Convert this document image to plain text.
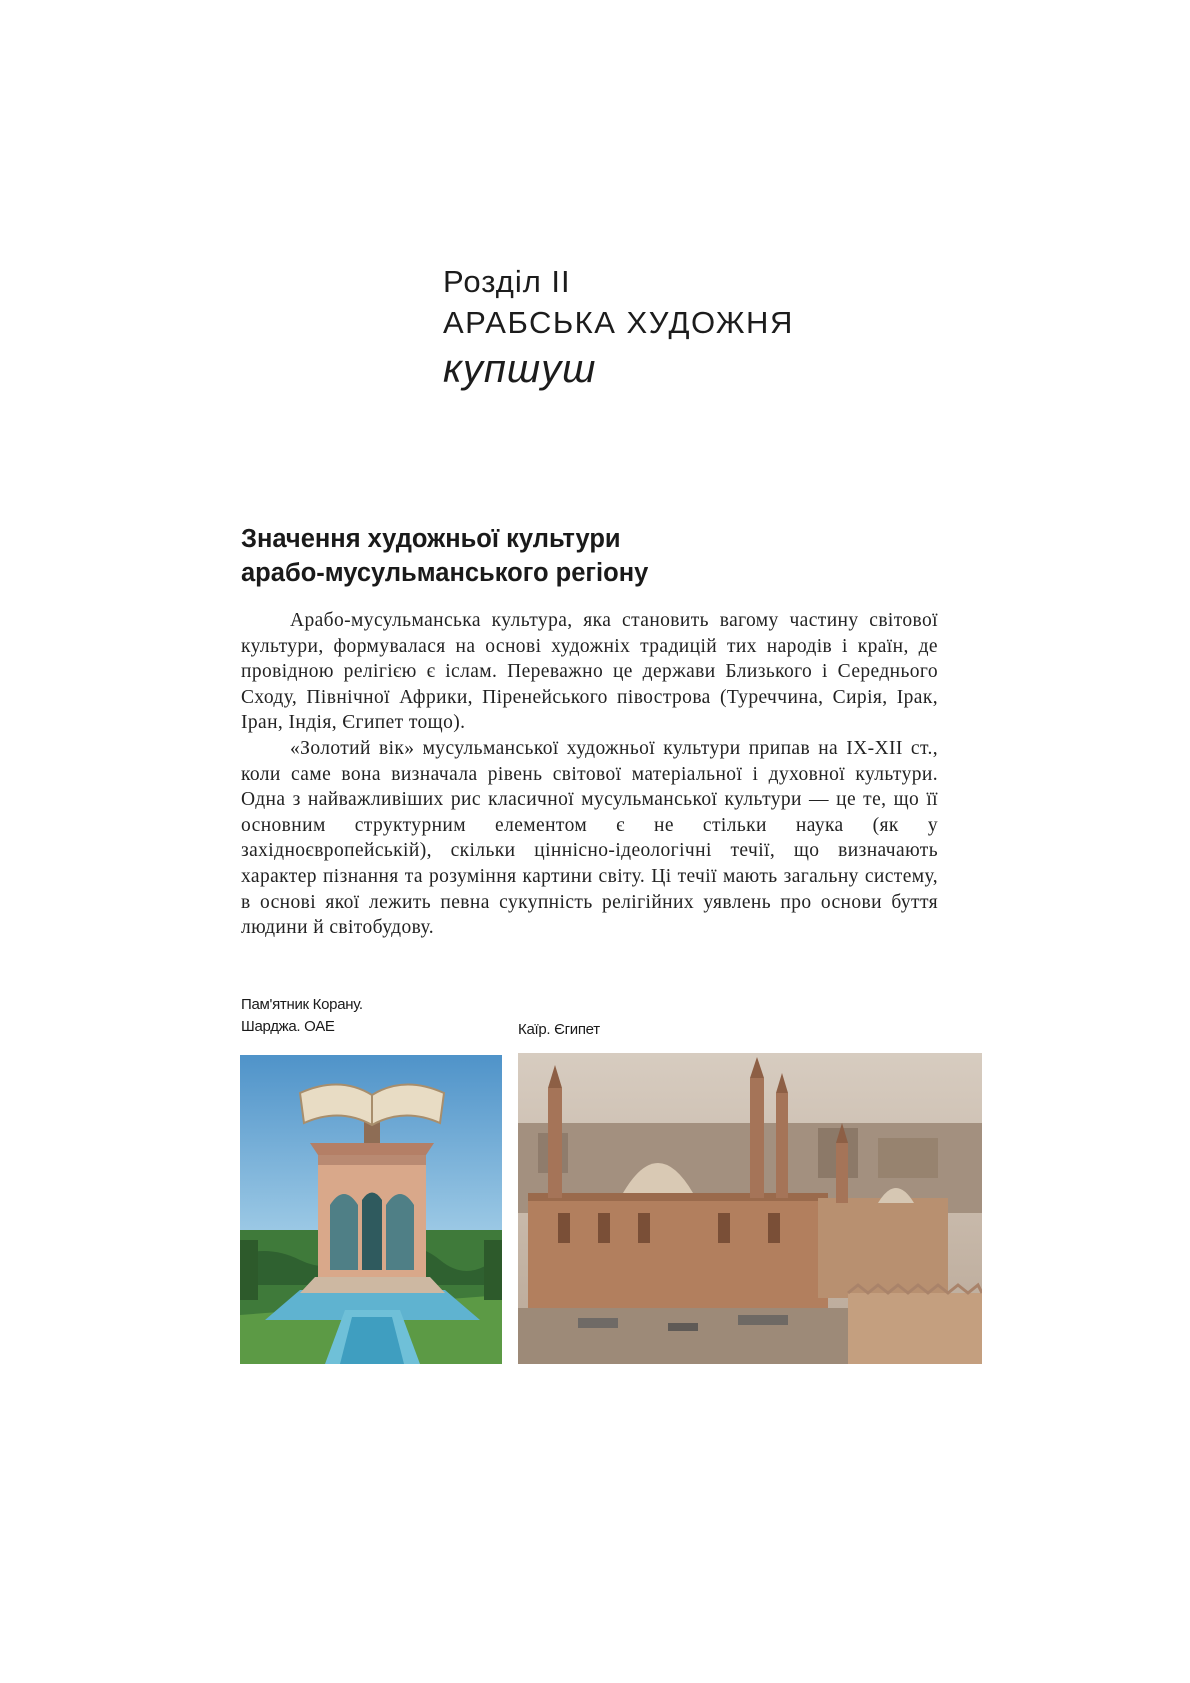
Розділ II
АРАБСЬКА ХУДОЖНЯ
купшуш
Значення художньої культури
арабо-мусульманського регіону

Арабо-мусульманська культура, яка становить вагому частину світової культури, формувалася на основі художніх традицій тих народів і країн, де провідною релігією є іслам. Переважно це держави Близького і Середнього Сходу, Північної Африки, Піренейського півострова (Туреччина, Сирія, Ірак, Іран, Індія, Єгипет тощо).

«Золотий вік» мусульманської художньої культури припав на IX-XII ст., коли саме вона визначала рівень світової матеріальної і духовної культури. Одна з найважливіших рис класичної мусульманської культури — це те, що її основним структурним елементом є не стільки наука (як у західноєвропейській), скільки ціннісно-ідеологічні течії, що визначають характер пізнання та розуміння картини світу. Ці течії мають загальну систему, в основі якої лежить певна сукупність релігійних уявлень про основи буття людини й світобудову.

Пам'ятник Корану.
Шарджа. ОАЕ	Каїр. Єгипет
